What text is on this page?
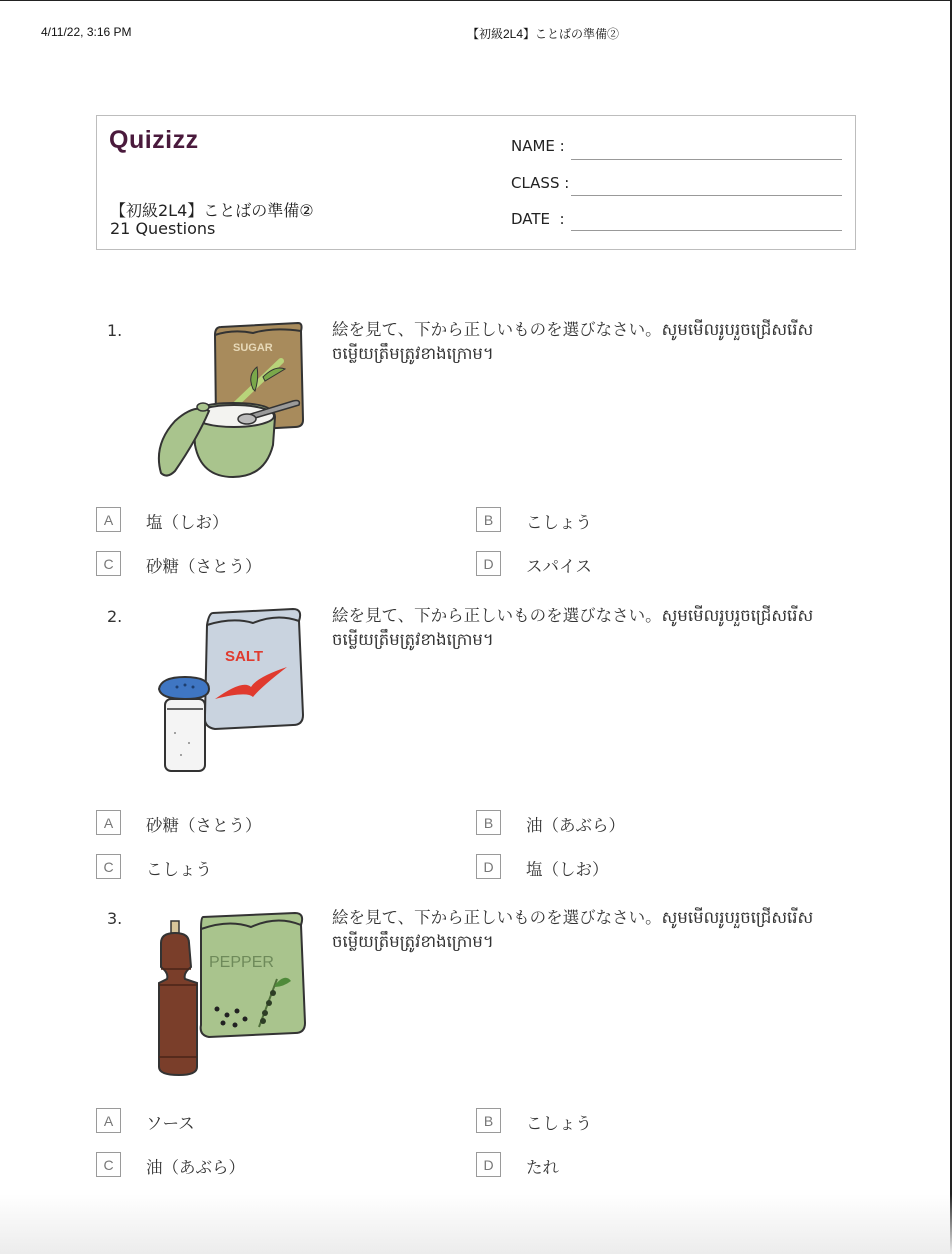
4/11/22, 3:16 PM	【初級2L4】ことばの準備②
Quizizz
【初級2L4】ことばの準備②
21 Questions
NAME :
CLASS :
DATE  :
1.
SUGAR
絵を見て、下から正しいものを選びなさい。សូមមើលរូបរួចជ្រើសរើសចម្លើយត្រឹមត្រូវខាងក្រោម។
A	塩（しお）	B	こしょう
C	砂糖（さとう）	D	スパイス
2.
SALT
絵を見て、下から正しいものを選びなさい。សូមមើលរូបរួចជ្រើសរើសចម្លើយត្រឹមត្រូវខាងក្រោម។
A	砂糖（さとう）	B	油（あぶら）
C	こしょう	D	塩（しお）
3.
PEPPER
絵を見て、下から正しいものを選びなさい。សូមមើលរូបរួចជ្រើសរើសចម្លើយត្រឹមត្រូវខាងក្រោម។
A	ソース	B	こしょう
C	油（あぶら）	D	たれ
